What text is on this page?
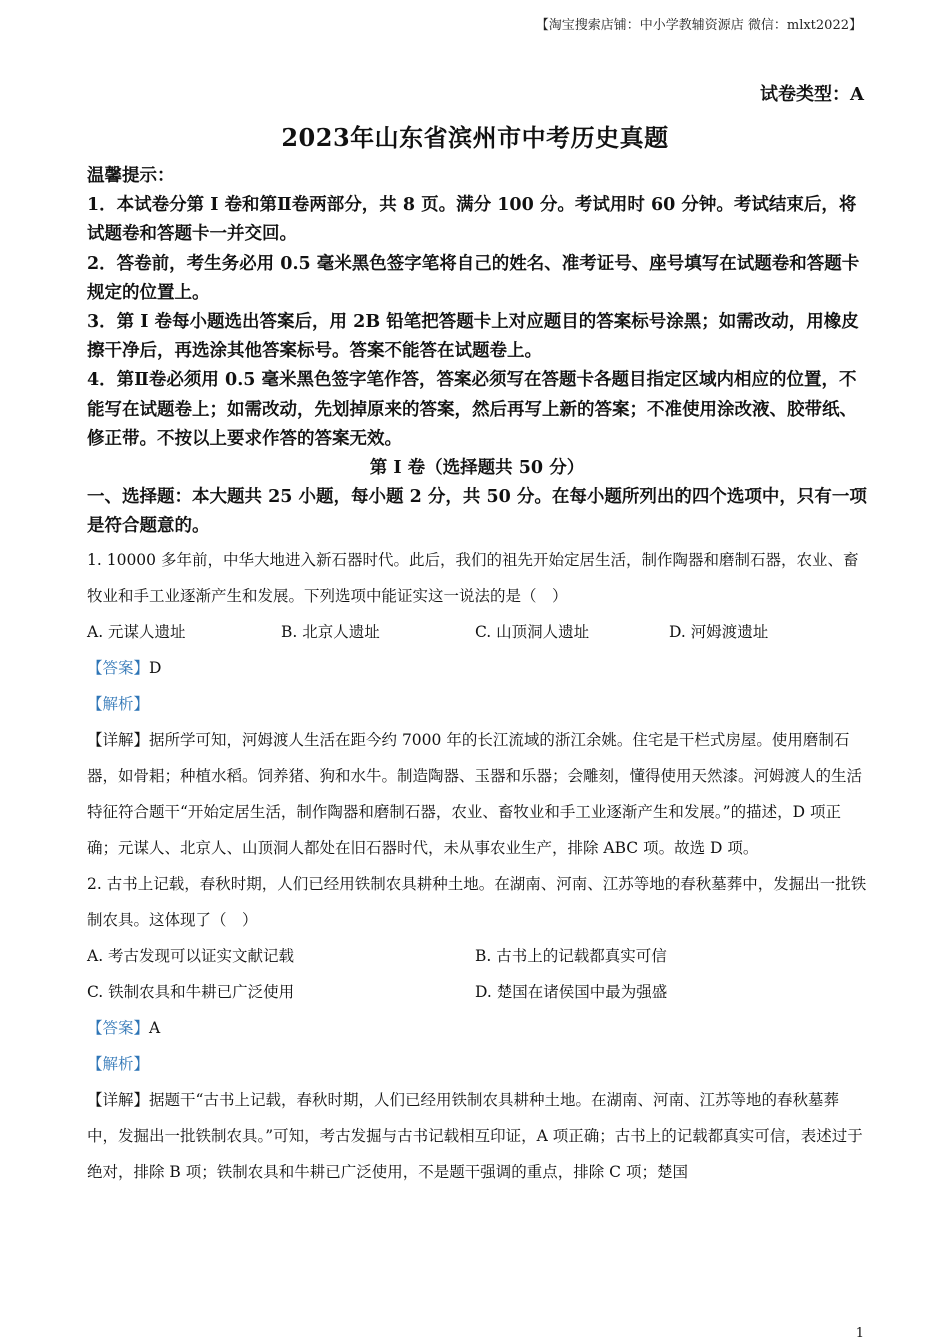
【淘宝搜索店铺：中小学教辅资源店 微信：mlxt2022】
试卷类型：A
2023年山东省滨州市中考历史真题
温馨提示：
1．本试卷分第 I 卷和第Ⅱ卷两部分，共 8 页。满分 100 分。考试用时 60 分钟。考试结束后，将试题卷和答题卡一并交回。
2．答卷前，考生务必用 0.5 毫米黑色签字笔将自己的姓名、准考证号、座号填写在试题卷和答题卡规定的位置上。
3．第 I 卷每小题选出答案后，用 2B 铅笔把答题卡上对应题目的答案标号涂黑；如需改动，用橡皮擦干净后，再选涂其他答案标号。答案不能答在试题卷上。
4．第Ⅱ卷必须用 0.5 毫米黑色签字笔作答，答案必须写在答题卡各题目指定区域内相应的位置，不能写在试题卷上；如需改动，先划掉原来的答案，然后再写上新的答案；不准使用涂改液、胶带纸、修正带。不按以上要求作答的答案无效。
第 I 卷（选择题共 50 分）
一、选择题：本大题共 25 小题，每小题 2 分，共 50 分。在每小题所列出的四个选项中，只有一项是符合题意的。
1. 10000 多年前，中华大地进入新石器时代。此后，我们的祖先开始定居生活，制作陶器和磨制石器，农业、畜牧业和手工业逐渐产生和发展。下列选项中能证实这一说法的是（　）
A. 元谋人遗址	B. 北京人遗址	C. 山顶洞人遗址	D. 河姆渡遗址
【答案】D
【解析】
【详解】据所学可知，河姆渡人生活在距今约 7000 年的长江流域的浙江余姚。住宅是干栏式房屋。使用磨制石器，如骨耜；种植水稻。饲养猪、狗和水牛。制造陶器、玉器和乐器；会雕刻，懂得使用天然漆。河姆渡人的生活特征符合题干“开始定居生活，制作陶器和磨制石器，农业、畜牧业和手工业逐渐产生和发展。”的描述，D 项正确；元谋人、北京人、山顶洞人都处在旧石器时代，未从事农业生产，排除 ABC 项。故选 D 项。
2. 古书上记载，春秋时期，人们已经用铁制农具耕种土地。在湖南、河南、江苏等地的春秋墓葬中，发掘出一批铁制农具。这体现了（　）
A. 考古发现可以证实文献记载	B. 古书上的记载都真实可信
C. 铁制农具和牛耕已广泛使用	D. 楚国在诸侯国中最为强盛
【答案】A
【解析】
【详解】据题干“古书上记载，春秋时期，人们已经用铁制农具耕种土地。在湖南、河南、江苏等地的春秋墓葬中，发掘出一批铁制农具。”可知，考古发掘与古书记载相互印证，A 项正确；古书上的记载都真实可信，表述过于绝对，排除 B 项；铁制农具和牛耕已广泛使用，不是题干强调的重点，排除 C 项；楚国
1
